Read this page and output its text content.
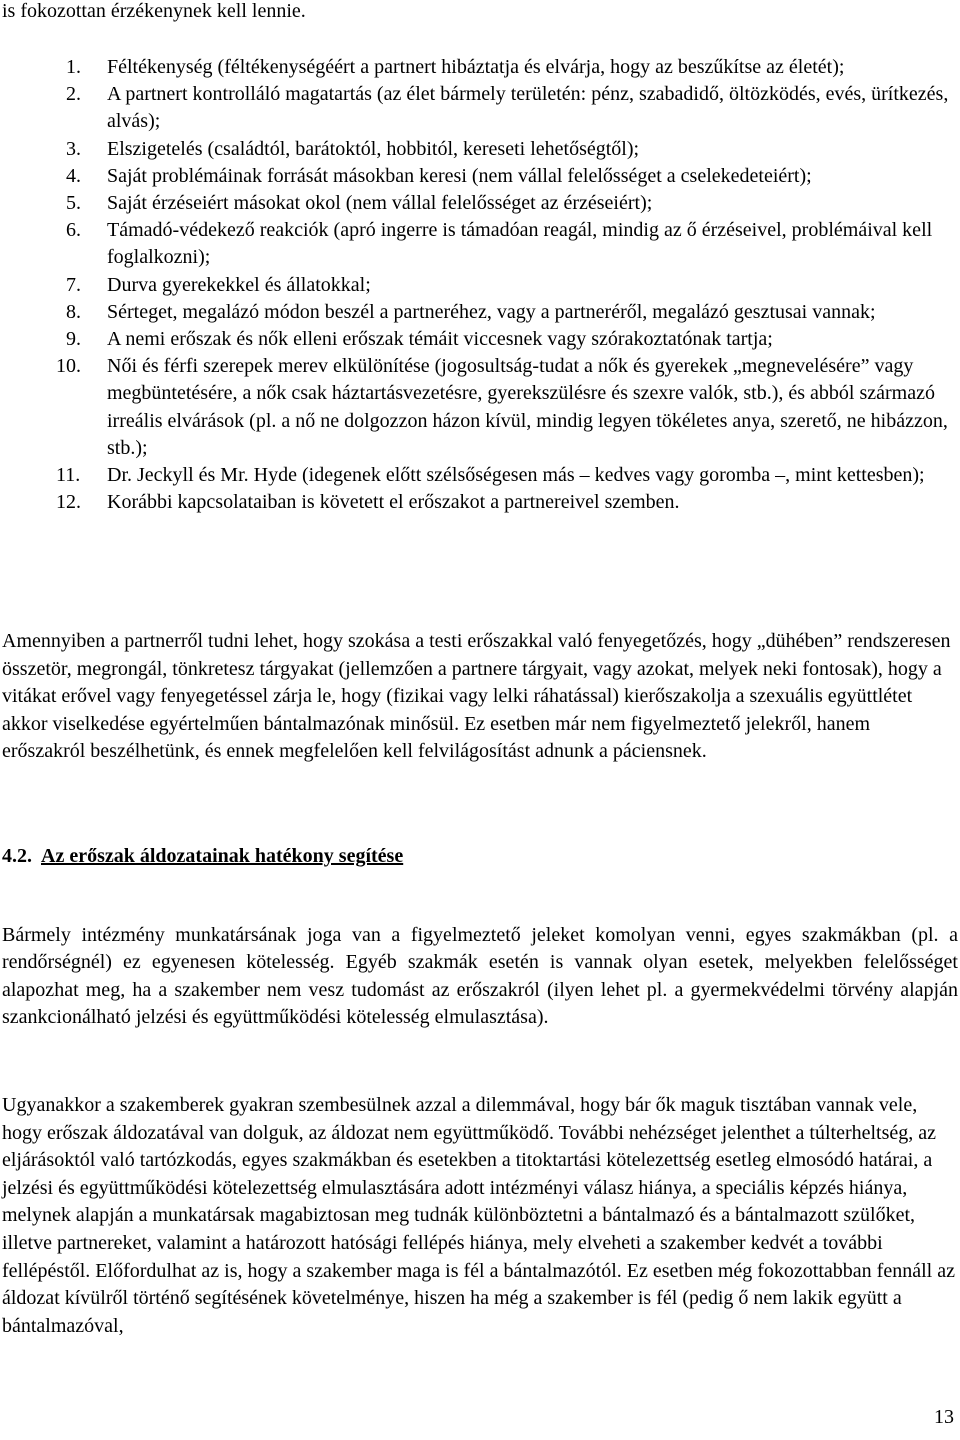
is fokozottan érzékenynek kell lennie.

1. Féltékenység (féltékenységéért a partnert hibáztatja és elvárja, hogy az beszűkítse az életét);
2. A partnert kontrolláló magatartás (az élet bármely területén: pénz, szabadidő, öltözködés, evés, ürítkezés, alvás);
3. Elszigetelés (családtól, barátoktól, hobbitól, kereseti lehetőségtől);
4. Saját problémáinak forrását másokban keresi (nem vállal felelősséget a cselekedeteiért);
5. Saját érzéseiért másokat okol (nem vállal felelősséget az érzéseiért);
6. Támadó-védekező reakciók (apró ingerre is támadóan reagál, mindig az ő érzéseivel, problémáival kell foglalkozni);
7. Durva gyerekekkel és állatokkal;
8. Sérteget, megalázó módon beszél a partneréhez, vagy a partneréről, megalázó gesztusai vannak;
9. A nemi erőszak és nők elleni erőszak témáit viccesnek vagy szórakoztatónak tartja;
10. Női és férfi szerepek merev elkülönítése (jogosultság-tudat a nők és gyerekek „megnevelésére” vagy megbüntetésére, a nők csak háztartásvezetésre, gyerekszülésre és szexre valók, stb.), és abból származó irreális elvárások (pl. a nő ne dolgozzon házon kívül, mindig legyen tökéletes anya, szerető, ne hibázzon, stb.);
11. Dr. Jeckyll és Mr. Hyde (idegenek előtt szélsőségesen más – kedves vagy goromba –, mint kettesben);
12. Korábbi kapcsolataiban is követett el erőszakot a partnereivel szemben.

Amennyiben a partnerről tudni lehet, hogy szokása a testi erőszakkal való fenyegetőzés, hogy „dühében” rendszeresen összetör, megrongál, tönkretesz tárgyakat (jellemzően a partnere tárgyait, vagy azokat, melyek neki fontosak), hogy a vitákat erővel vagy fenyegetéssel zárja le, hogy (fizikai vagy lelki ráhatással) kierőszakolja a szexuális együttlétet akkor viselkedése egyértelműen bántalmazónak minősül. Ez esetben már nem figyelmeztető jelekről, hanem erőszakról beszélhetünk, és ennek megfelelően kell felvilágosítást adnunk a páciensnek.

4.2. Az erőszak áldozatainak hatékony segítése

Bármely intézmény munkatársának joga van a figyelmeztető jeleket komolyan venni, egyes szakmákban (pl. a rendőrségnél) ez egyenesen kötelesség. Egyéb szakmák esetén is vannak olyan esetek, melyekben felelősséget alapozhat meg, ha a szakember nem vesz tudomást az erőszakról (ilyen lehet pl. a gyermekvédelmi törvény alapján szankcionálható jelzési és együttműködési kötelesség elmulasztása).

Ugyanakkor a szakemberek gyakran szembesülnek azzal a dilemmával, hogy bár ők maguk tisztában vannak vele, hogy erőszak áldozatával van dolguk, az áldozat nem együttműködő. További nehézséget jelenthet a túlterheltség, az eljárásoktól való tartózkodás, egyes szakmákban és esetekben a titoktartási kötelezettség esetleg elmosódó határai, a jelzési és együttműködési kötelezettség elmulasztására adott intézményi válasz hiánya, a speciális képzés hiánya, melynek alapján a munkatársak magabiztosan meg tudnák különböztetni a bántalmazó és a bántalmazott szülőket, illetve partnereket, valamint a határozott hatósági fellépés hiánya, mely elveheti a szakember kedvét a további fellépéstől. Előfordulhat az is, hogy a szakember maga is fél a bántalmazótól. Ez esetben még fokozottabban fennáll az áldozat kívülről történő segítésének követelménye, hiszen ha még a szakember is fél (pedig ő nem lakik együtt a bántalmazóval,

13
